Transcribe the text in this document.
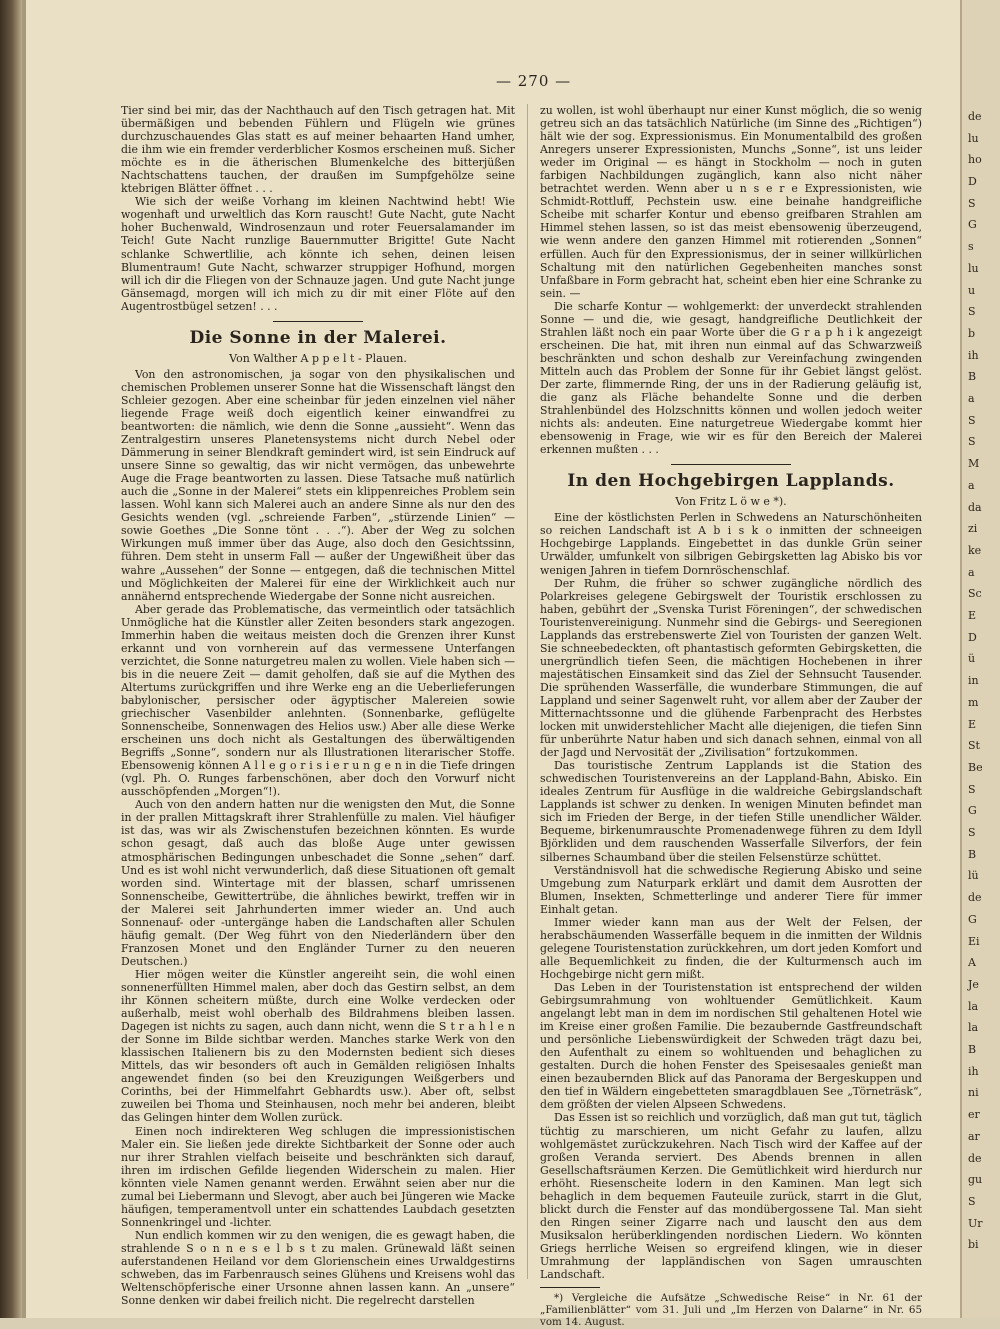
— 270 —

Tier sind bei mir, das der Nachthauch auf den Tisch getragen hat. Mit übermäßigen und bebenden Fühlern und Flügeln wie grünes durchzuschauendes Glas statt es auf meiner behaarten Hand umher, die ihm wie ein fremder verderblicher Kosmos erscheinen muß. Sicher möchte es in die ätherischen Blumenkelche des bitterjüßen Nachtschattens tauchen, der draußen im Sumpfgehölze seine ktebrigen Blätter öffnet . . .

Wie sich der weiße Vorhang im kleinen Nachtwind hebt! Wie wogenhaft und urweltlich das Korn rauscht! Gute Nacht, gute Nacht hoher Buchenwald, Windrosenzaun und roter Feuersalamander im Teich! Gute Nacht runzlige Bauernmutter Brigitte! Gute Nacht schlanke Schwertlilie, ach könnte ich sehen, deinen leisen Blumentraum! Gute Nacht, schwarzer struppiger Hofhund, morgen will ich dir die Fliegen von der Schnauze jagen. Und gute Nacht junge Gänsemagd, morgen will ich mich zu dir mit einer Flöte auf den Augentrostbügel setzen! . . .

Die Sonne in der Malerei.
Von Walther A p p e l t - Plauen.

Von den astronomischen, ja sogar von den physikalischen und chemischen Problemen unserer Sonne hat die Wissenschaft längst den Schleier gezogen. Aber eine scheinbar für jeden einzelnen viel näher liegende Frage weiß doch eigentlich keiner einwandfrei zu beantworten: die nämlich, wie denn die Sonne „aussieht“. Wenn das Zentralgestirn unseres Planetensystems nicht durch Nebel oder Dämmerung in seiner Blendkraft gemindert wird, ist sein Eindruck auf unsere Sinne so gewaltig, das wir nicht vermögen, das unbewehrte Auge die Frage beantworten zu lassen. Diese Tatsache muß natürlich auch die „Sonne in der Malerei“ stets ein klippenreiches Problem sein lassen. Wohl kann sich Malerei auch an andere Sinne als nur den des Gesichts wenden (vgl. „schreiende Farben“, „stürzende Linien“ — sowie Goethes „Die Sonne tönt . . .“). Aber der Weg zu solchen Wirkungen muß immer über das Auge, also doch den Gesichtssinn, führen. Dem steht in unserm Fall — außer der Ungewißheit über das wahre „Aussehen“ der Sonne — entgegen, daß die technischen Mittel und Möglichkeiten der Malerei für eine der Wirklichkeit auch nur annähernd entsprechende Wiedergabe der Sonne nicht ausreichen.

Aber gerade das Problematische, das vermeintlich oder tatsächlich Unmögliche hat die Künstler aller Zeiten besonders stark angezogen. Immerhin haben die weitaus meisten doch die Grenzen ihrer Kunst erkannt und von vornherein auf das vermessene Unterfangen verzichtet, die Sonne naturgetreu malen zu wollen. Viele haben sich — bis in die neuere Zeit — damit geholfen, daß sie auf die Mythen des Altertums zurückgriffen und ihre Werke eng an die Ueberlieferungen babylonischer, persischer oder ägyptischer Malereien sowie griechischer Vasenbilder anlehnten. (Sonnenbarke, geflügelte Sonnenscheibe, Sonnenwagen des Helios usw.) Aber alle diese Werke erscheinen uns doch nicht als Gestaltungen des überwältigenden Begriffs „Sonne“, sondern nur als Illustrationen literarischer Stoffe. Ebensowenig können A l l e g o r i s i e r u n g e n in die Tiefe dringen (vgl. Ph. O. Runges farbenschönen, aber doch den Vorwurf nicht ausschöpfenden „Morgen“!).

Auch von den andern hatten nur die wenigsten den Mut, die Sonne in der prallen Mittagskraft ihrer Strahlenfülle zu malen. Viel häufiger ist das, was wir als Zwischenstufen bezeichnen könnten. Es wurde schon gesagt, daß auch das bloße Auge unter gewissen atmosphärischen Bedingungen unbeschadet die Sonne „sehen“ darf. Und es ist wohl nicht verwunderlich, daß diese Situationen oft gemalt worden sind. Wintertage mit der blassen, scharf umrissenen Sonnenscheibe, Gewittertrübe, die ähnliches bewirkt, treffen wir in der Malerei seit Jahrhunderten immer wieder an. Und auch Sonnenauf- oder -untergänge haben die Landschaften aller Schulen häufig gemalt. (Der Weg führt von den Niederländern über den Franzosen Monet und den Engländer Turner zu den neueren Deutschen.)

Hier mögen weiter die Künstler angereiht sein, die wohl einen sonnenerfüllten Himmel malen, aber doch das Gestirn selbst, an dem ihr Können scheitern müßte, durch eine Wolke verdecken oder außerhalb, meist wohl oberhalb des Bildrahmens bleiben lassen. Dagegen ist nichts zu sagen, auch dann nicht, wenn die S t r a h l e n der Sonne im Bilde sichtbar werden. Manches starke Werk von den klassischen Italienern bis zu den Modernsten bedient sich dieses Mittels, das wir besonders oft auch in Gemälden religiösen Inhalts angewendet finden (so bei den Kreuzigungen Weißgerbers und Corinths, bei der Himmelfahrt Gebhardts usw.). Aber oft, selbst zuweilen bei Thoma und Steinhausen, noch mehr bei anderen, bleibt das Gelingen hinter dem Wollen zurück.

Einen noch indirekteren Weg schlugen die impressionistischen Maler ein. Sie ließen jede direkte Sichtbarkeit der Sonne oder auch nur ihrer Strahlen vielfach beiseite und beschränkten sich darauf, ihren im irdischen Gefilde liegenden Widerschein zu malen. Hier könnten viele Namen genannt werden. Erwähnt seien aber nur die zumal bei Liebermann und Slevogt, aber auch bei Jüngeren wie Macke häufigen, temperamentvoll unter ein schattendes Laubdach gesetzten Sonnenkringel und -lichter.

Nun endlich kommen wir zu den wenigen, die es gewagt haben, die strahlende S o n n e s e l b s t zu malen. Grünewald läßt seinen auferstandenen Heiland vor dem Glorienschein eines Urwaldgestirns schweben, das im Farbenrausch seines Glühens und Kreisens wohl das Weltenschöpferische einer Ursonne ahnen lassen kann. An „unsere“ Sonne denken wir dabei freilich nicht. Die regelrecht darstellen

zu wollen, ist wohl überhaupt nur einer Kunst möglich, die so wenig getreu sich an das tatsächlich Natürliche (im Sinne des „Richtigen“) hält wie der sog. Expressionismus. Ein Monumentalbild des großen Anregers unserer Expressionisten, Munchs „Sonne“, ist uns leider weder im Original — es hängt in Stockholm — noch in guten farbigen Nachbildungen zugänglich, kann also nicht näher betrachtet werden. Wenn aber u n s e r e Expressionisten, wie Schmidt-Rottluff, Pechstein usw. eine beinahe handgreifliche Scheibe mit scharfer Kontur und ebenso greifbaren Strahlen am Himmel stehen lassen, so ist das meist ebensowenig überzeugend, wie wenn andere den ganzen Himmel mit rotierenden „Sonnen“ erfüllen. Auch für den Expressionismus, der in seiner willkürlichen Schaltung mit den natürlichen Gegebenheiten manches sonst Unfaßbare in Form gebracht hat, scheint eben hier eine Schranke zu sein. —

Die scharfe Kontur — wohlgemerkt: der unverdeckt strahlenden Sonne — und die, wie gesagt, handgreifliche Deutlichkeit der Strahlen läßt noch ein paar Worte über die G r a p h i k angezeigt erscheinen. Die hat, mit ihren nun einmal auf das Schwarzweiß beschränkten und schon deshalb zur Vereinfachung zwingenden Mitteln auch das Problem der Sonne für ihr Gebiet längst gelöst. Der zarte, flimmernde Ring, der uns in der Radierung geläufig ist, die ganz als Fläche behandelte Sonne und die derben Strahlenbündel des Holzschnitts können und wollen jedoch weiter nichts als: andeuten. Eine naturgetreue Wiedergabe kommt hier ebensowenig in Frage, wie wir es für den Bereich der Malerei erkennen mußten . . .

In den Hochgebirgen Lapplands.
Von Fritz L ö w e *).

Eine der köstlichsten Perlen in Schwedens an Naturschönheiten so reichen Landschaft ist A b i s k o inmitten der schneeigen Hochgebirge Lapplands. Eingebettet in das dunkle Grün seiner Urwälder, umfunkelt von silbrigen Gebirgsketten lag Abisko bis vor wenigen Jahren in tiefem Dornröschenschlaf.

Der Ruhm, die früher so schwer zugängliche nördlich des Polarkreises gelegene Gebirgswelt der Touristik erschlossen zu haben, gebührt der „Svenska Turist Föreningen“, der schwedischen Touristenvereinigung. Nunmehr sind die Gebirgs- und Seeregionen Lapplands das erstrebenswerte Ziel von Touristen der ganzen Welt. Sie schneebedeckten, oft phantastisch geformten Gebirgsketten, die unergründlich tiefen Seen, die mächtigen Hochebenen in ihrer majestätischen Einsamkeit sind das Ziel der Sehnsucht Tausender. Die sprühenden Wasserfälle, die wunderbare Stimmungen, die auf Lappland und seiner Sagenwelt ruht, vor allem aber der Zauber der Mitternachtssonne und die glühende Farbenpracht des Herbstes locken mit unwiderstehlicher Macht alle diejenigen, die tiefen Sinn für unberührte Natur haben und sich danach sehnen, einmal von all der Jagd und Nervosität der „Zivilisation“ fortzukommen.

Das touristische Zentrum Lapplands ist die Station des schwedischen Touristenvereins an der Lappland-Bahn, Abisko. Ein ideales Zentrum für Ausflüge in die waldreiche Gebirgslandschaft Lapplands ist schwer zu denken. In wenigen Minuten befindet man sich im Frieden der Berge, in der tiefen Stille unendlicher Wälder. Bequeme, birkenumrauschte Promenadenwege führen zu dem Idyll Björkliden und dem rauschenden Wasserfalle Silverfors, der fein silbernes Schaumband über die steilen Felsenstürze schüttet.

Verständnisvoll hat die schwedische Regierung Abisko und seine Umgebung zum Naturpark erklärt und damit dem Ausrotten der Blumen, Insekten, Schmetterlinge und anderer Tiere für immer Einhalt getan.

Immer wieder kann man aus der Welt der Felsen, der herabschäumenden Wasserfälle bequem in die inmitten der Wildnis gelegene Touristenstation zurückkehren, um dort jeden Komfort und alle Bequemlichkeit zu finden, die der Kulturmensch auch im Hochgebirge nicht gern mißt.

Das Leben in der Touristenstation ist entsprechend der wilden Gebirgsumrahmung von wohltuender Gemütlichkeit. Kaum angelangt lebt man in dem im nordischen Stil gehaltenen Hotel wie im Kreise einer großen Familie. Die bezaubernde Gastfreundschaft und persönliche Liebenswürdigkeit der Schweden trägt dazu bei, den Aufenthalt zu einem so wohltuenden und behaglichen zu gestalten. Durch die hohen Fenster des Speisesaales genießt man einen bezaubernden Blick auf das Panorama der Bergeskuppen und den tief in Wäldern eingebetteten smaragdblauen See „Törneträsk“, dem größten der vielen Alpseen Schwedens.

Das Essen ist so reichlich und vorzüglich, daß man gut tut, täglich tüchtig zu marschieren, um nicht Gefahr zu laufen, allzu wohlgemästet zurückzukehren. Nach Tisch wird der Kaffee auf der großen Veranda serviert. Des Abends brennen in allen Gesellschaftsräumen Kerzen. Die Gemütlichkeit wird hierdurch nur erhöht. Riesenscheite lodern in den Kaminen. Man legt sich behaglich in dem bequemen Fauteuile zurück, starrt in die Glut, blickt durch die Fenster auf das mondübergossene Tal. Man sieht den Ringen seiner Zigarre nach und lauscht den aus dem Musiksalon herüberklingenden nordischen Liedern. Wo könnten Griegs herrliche Weisen so ergreifend klingen, wie in dieser Umrahmung der lappländischen von Sagen umrauschten Landschaft.

*) Vergleiche die Aufsätze „Schwedische Reise“ in Nr. 61 der „Familienblätter“ vom 31. Juli und „Im Herzen von Dalarne“ in Nr. 65 vom 14. August.
de
lu
ho
D
S
G
s
lu
u
S
b
ih
B
a
S
S
M
a
da
zi
ke
a
Sc
E
D
ü
in
m
E
St
Be
S
G
S
B
lü
de
G
Ei
A
Je
la
la
B
ih
ni
er
ar
de
gu
S
Ur
bi
